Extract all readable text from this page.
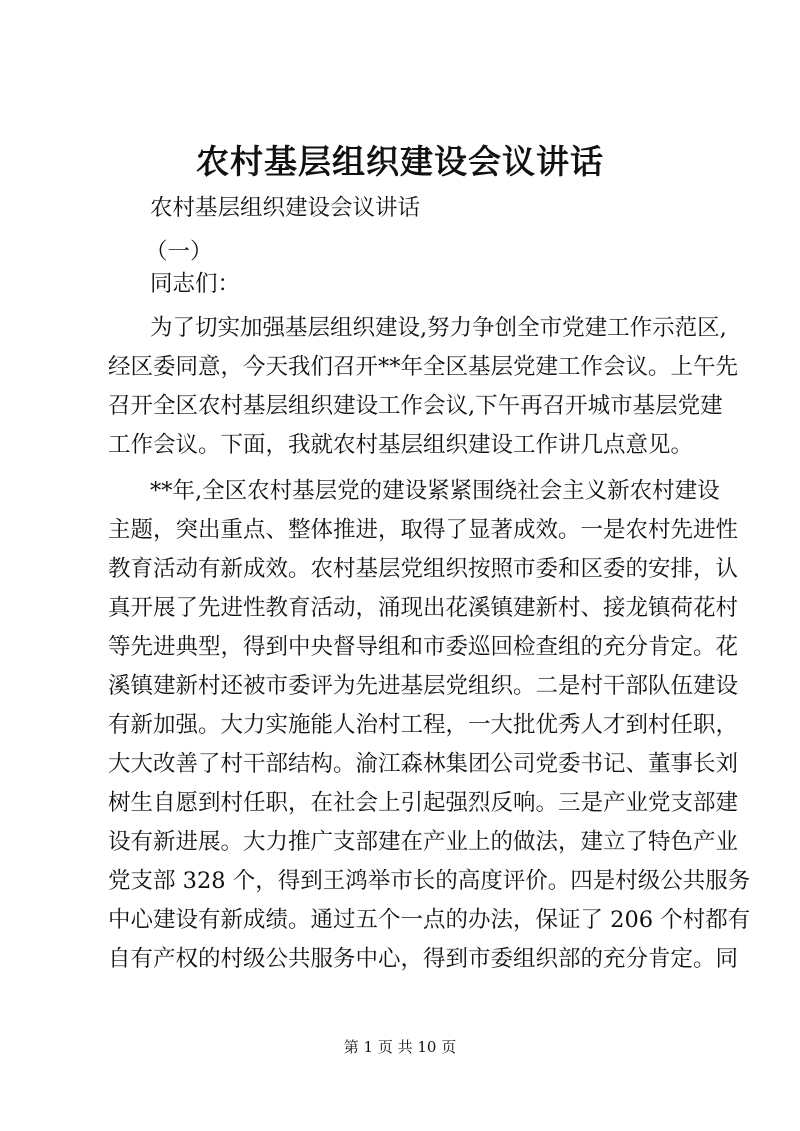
农村基层组织建设会议讲话

农村基层组织建设会议讲话

（一）

同志们：

为了切实加强基层组织建设,努力争创全市党建工作示范区,

经区委同意，今天我们召开**年全区基层党建工作会议。上午先

召开全区农村基层组织建设工作会议,下午再召开城市基层党建

工作会议。下面，我就农村基层组织建设工作讲几点意见。

**年,全区农村基层党的建设紧紧围绕社会主义新农村建设

主题，突出重点、整体推进，取得了显著成效。一是农村先进性

教育活动有新成效。农村基层党组织按照市委和区委的安排，认

真开展了先进性教育活动，涌现出花溪镇建新村、接龙镇荷花村

等先进典型，得到中央督导组和市委巡回检查组的充分肯定。花

溪镇建新村还被市委评为先进基层党组织。二是村干部队伍建设

有新加强。大力实施能人治村工程，一大批优秀人才到村任职，

大大改善了村干部结构。渝江森林集团公司党委书记、董事长刘

树生自愿到村任职，在社会上引起强烈反响。三是产业党支部建

设有新进展。大力推广支部建在产业上的做法，建立了特色产业

党支部 328 个，得到王鸿举市长的高度评价。四是村级公共服务

中心建设有新成绩。通过五个一点的办法，保证了 206 个村都有

自有产权的村级公共服务中心，得到市委组织部的充分肯定。同

第 1 页 共 10 页
